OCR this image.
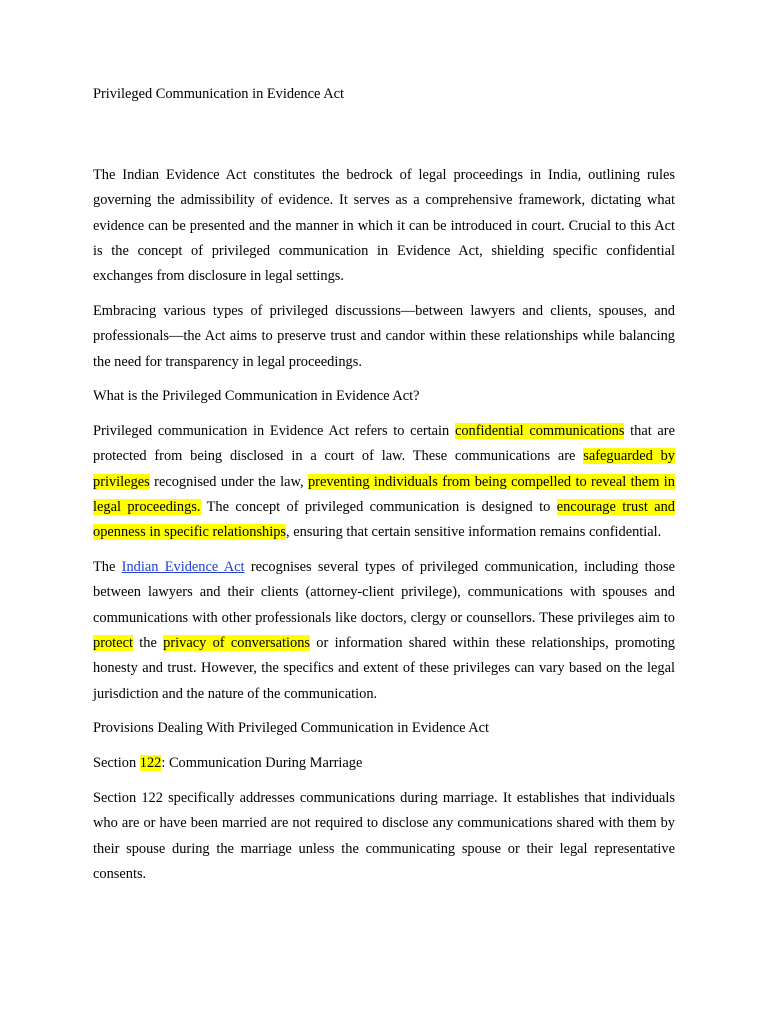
Privileged Communication in Evidence Act

The Indian Evidence Act constitutes the bedrock of legal proceedings in India, outlining rules governing the admissibility of evidence. It serves as a comprehensive framework, dictating what evidence can be presented and the manner in which it can be introduced in court. Crucial to this Act is the concept of privileged communication in Evidence Act, shielding specific confidential exchanges from disclosure in legal settings.

Embracing various types of privileged discussions—between lawyers and clients, spouses, and professionals—the Act aims to preserve trust and candor within these relationships while balancing the need for transparency in legal proceedings.

What is the Privileged Communication in Evidence Act?

Privileged communication in Evidence Act refers to certain confidential communications that are protected from being disclosed in a court of law. These communications are safeguarded by privileges recognised under the law, preventing individuals from being compelled to reveal them in legal proceedings. The concept of privileged communication is designed to encourage trust and openness in specific relationships, ensuring that certain sensitive information remains confidential.

The Indian Evidence Act recognises several types of privileged communication, including those between lawyers and their clients (attorney-client privilege), communications with spouses and communications with other professionals like doctors, clergy or counsellors. These privileges aim to protect the privacy of conversations or information shared within these relationships, promoting honesty and trust. However, the specifics and extent of these privileges can vary based on the legal jurisdiction and the nature of the communication.

Provisions Dealing With Privileged Communication in Evidence Act

Section 122: Communication During Marriage

Section 122 specifically addresses communications during marriage. It establishes that individuals who are or have been married are not required to disclose any communications shared with them by their spouse during the marriage unless the communicating spouse or their legal representative consents.
